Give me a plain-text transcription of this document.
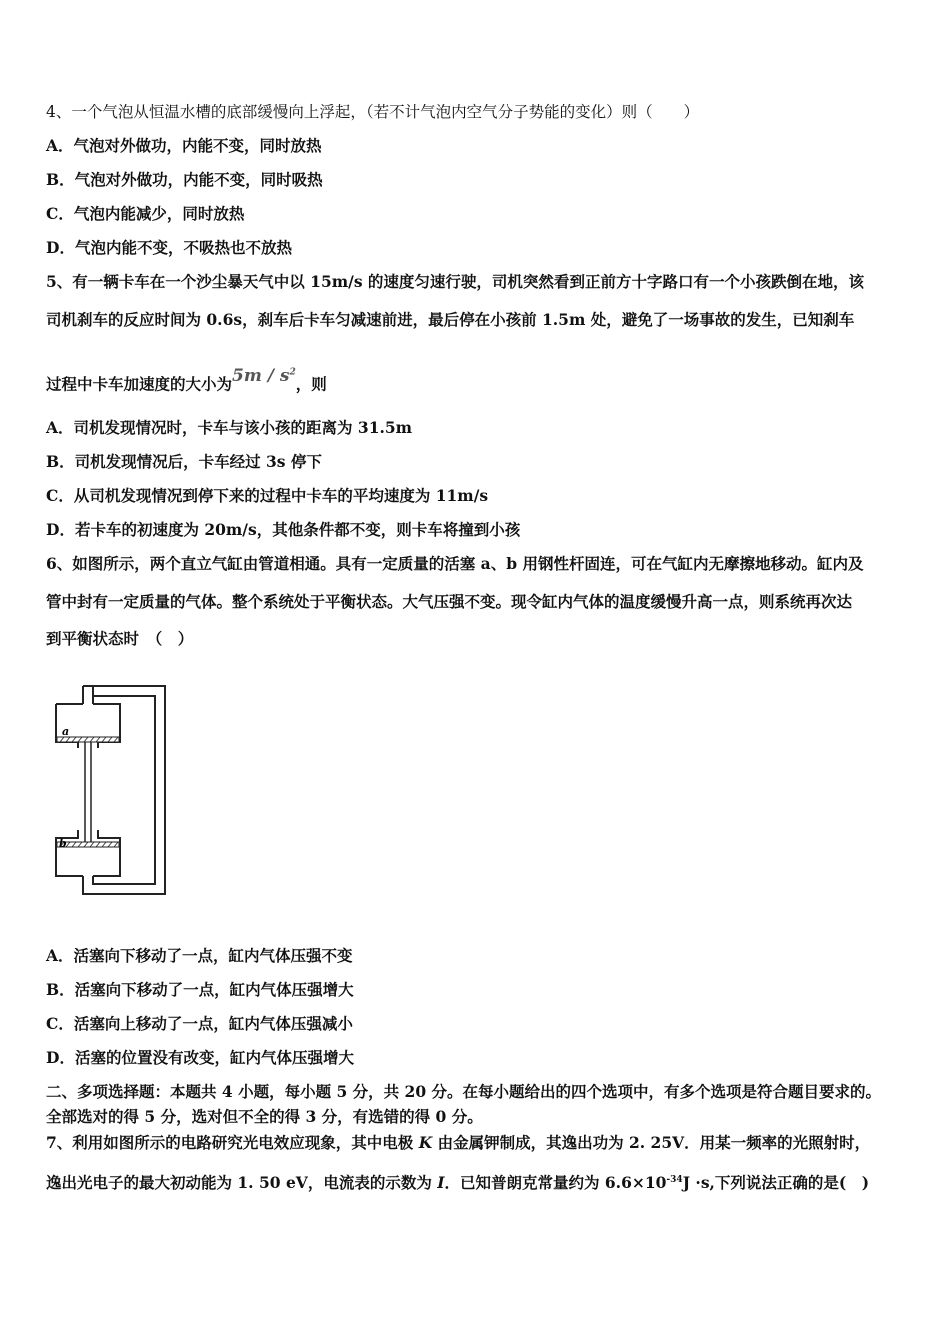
4、一个气泡从恒温水槽的底部缓慢向上浮起，（若不计气泡内空气分子势能的变化）则（　　）
A．气泡对外做功，内能不变，同时放热
B．气泡对外做功，内能不变，同时吸热
C．气泡内能减少，同时放热
D．气泡内能不变，不吸热也不放热
5、有一辆卡车在一个沙尘暴天气中以 15m/s 的速度匀速行驶，司机突然看到正前方十字路口有一个小孩跌倒在地，该
司机刹车的反应时间为 0.6s，刹车后卡车匀减速前进，最后停在小孩前 1.5m 处，避免了一场事故的发生，已知刹车
过程中卡车加速度的大小为$5m / s^2$，则
A．司机发现情况时，卡车与该小孩的距离为 31.5m
B．司机发现情况后，卡车经过 3s 停下
C．从司机发现情况到停下来的过程中卡车的平均速度为 11m/s
D．若卡车的初速度为 20m/s，其他条件都不变，则卡车将撞到小孩
6、如图所示，两个直立气缸由管道相通。具有一定质量的活塞 a、b 用钢性杆固连，可在气缸内无摩擦地移动。缸内及
管中封有一定质量的气体。整个系统处于平衡状态。大气压强不变。现令缸内气体的温度缓慢升高一点，则系统再次达
到平衡状态时　（　）
a
b
A．活塞向下移动了一点，缸内气体压强不变
B．活塞向下移动了一点，缸内气体压强增大
C．活塞向上移动了一点，缸内气体压强减小
D．活塞的位置没有改变，缸内气体压强增大
二、多项选择题：本题共 4 小题，每小题 5 分，共 20 分。在每小题给出的四个选项中，有多个选项是符合题目要求的。
全部选对的得 5 分，选对但不全的得 3 分，有选错的得 0 分。
7、利用如图所示的电路研究光电效应现象，其中电极 K 由金属钾制成，其逸出功为 2. 25V．用某一频率的光照射时，
逸出光电子的最大初动能为 1. 50 eV，电流表的示数为 I．已知普朗克常量约为 $6.6\times 10^{-34}J \cdot s$,下列说法正确的是(　)
